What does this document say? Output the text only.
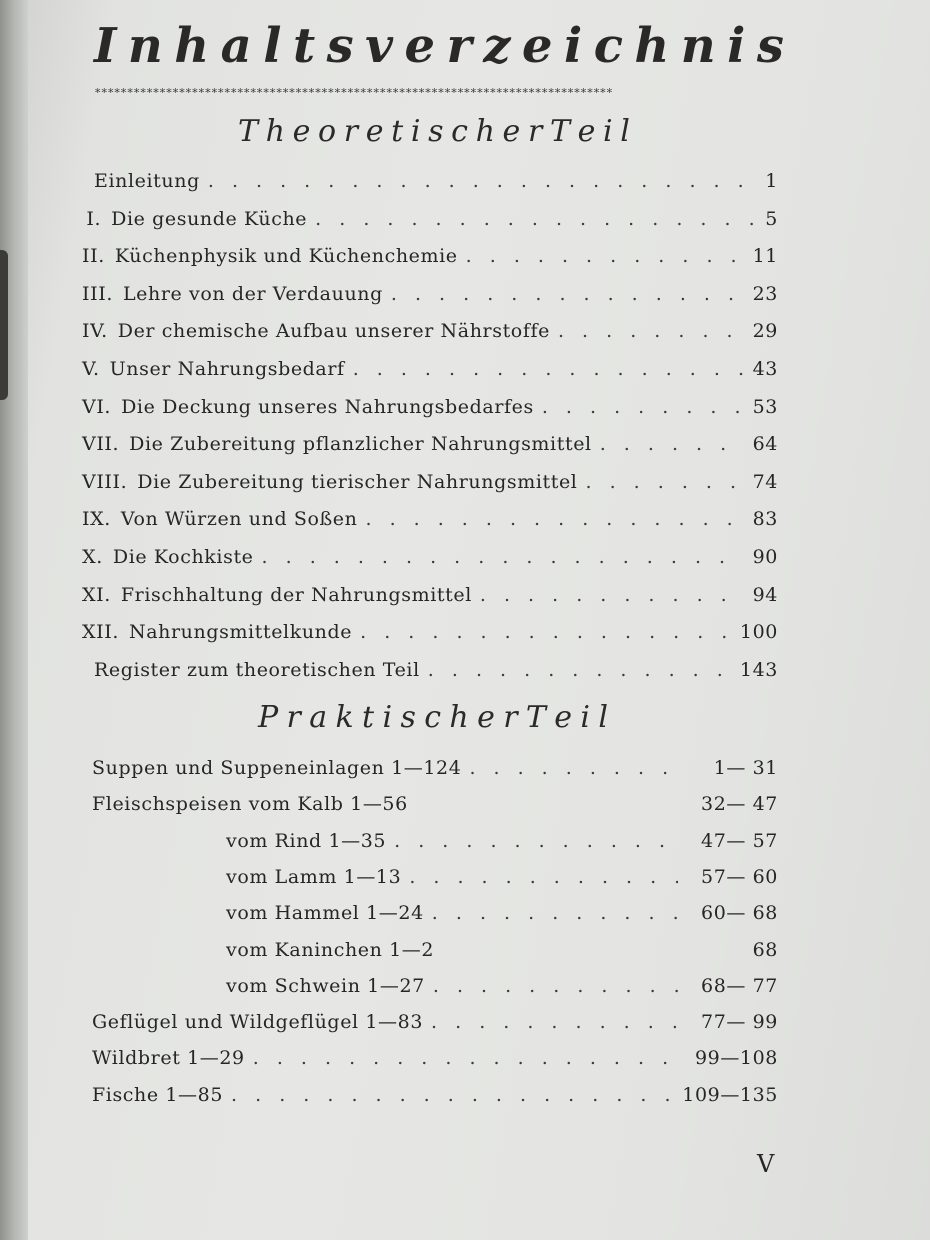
I n h a l t s v e r z e i c h n i s
∗∗∗∗∗∗∗∗∗∗∗∗∗∗∗∗∗∗∗∗∗∗∗∗∗∗∗∗∗∗∗∗∗∗∗∗∗∗∗∗∗∗∗∗∗∗∗∗∗∗∗∗∗∗∗∗∗∗∗∗∗∗∗∗∗∗∗∗∗∗∗∗∗∗∗∗∗∗∗∗
T h e o r e t i s c h e r T e i l
Einleitung . . .	1
I. Die gesunde Küche . . .	5
II. Küchenphysik und Küchenchemie . . .	11
III. Lehre von der Verdauung . . .	23
IV. Der chemische Aufbau unserer Nährstoffe . . .	29
V. Unser Nahrungsbedarf . . .	43
VI. Die Deckung unseres Nahrungsbedarfes . . .	53
VII. Die Zubereitung pflanzlicher Nahrungsmittel . . .	64
VIII. Die Zubereitung tierischer Nahrungsmittel . . .	74
IX. Von Würzen und Soßen . . .	83
X. Die Kochkiste . . .	90
XI. Frischhaltung der Nahrungsmittel . . .	94
XII. Nahrungsmittelkunde . . .	100
Register zum theoretischen Teil . . .	143
P r a k t i s c h e r T e i l
Suppen und Suppeneinlagen 1—124 . . .	1— 31
Fleischspeisen vom Kalb 1—56	32— 47
vom Rind 1—35 . . .	47— 57
vom Lamm 1—13 . . .	57— 60
vom Hammel 1—24 . . .	60— 68
vom Kaninchen 1—2	68
vom Schwein 1—27 . . .	68— 77
Geflügel und Wildgeflügel 1—83 . . .	77— 99
Wildbret 1—29 . . .	99—108
Fische 1—85 . . .	109—135
V
